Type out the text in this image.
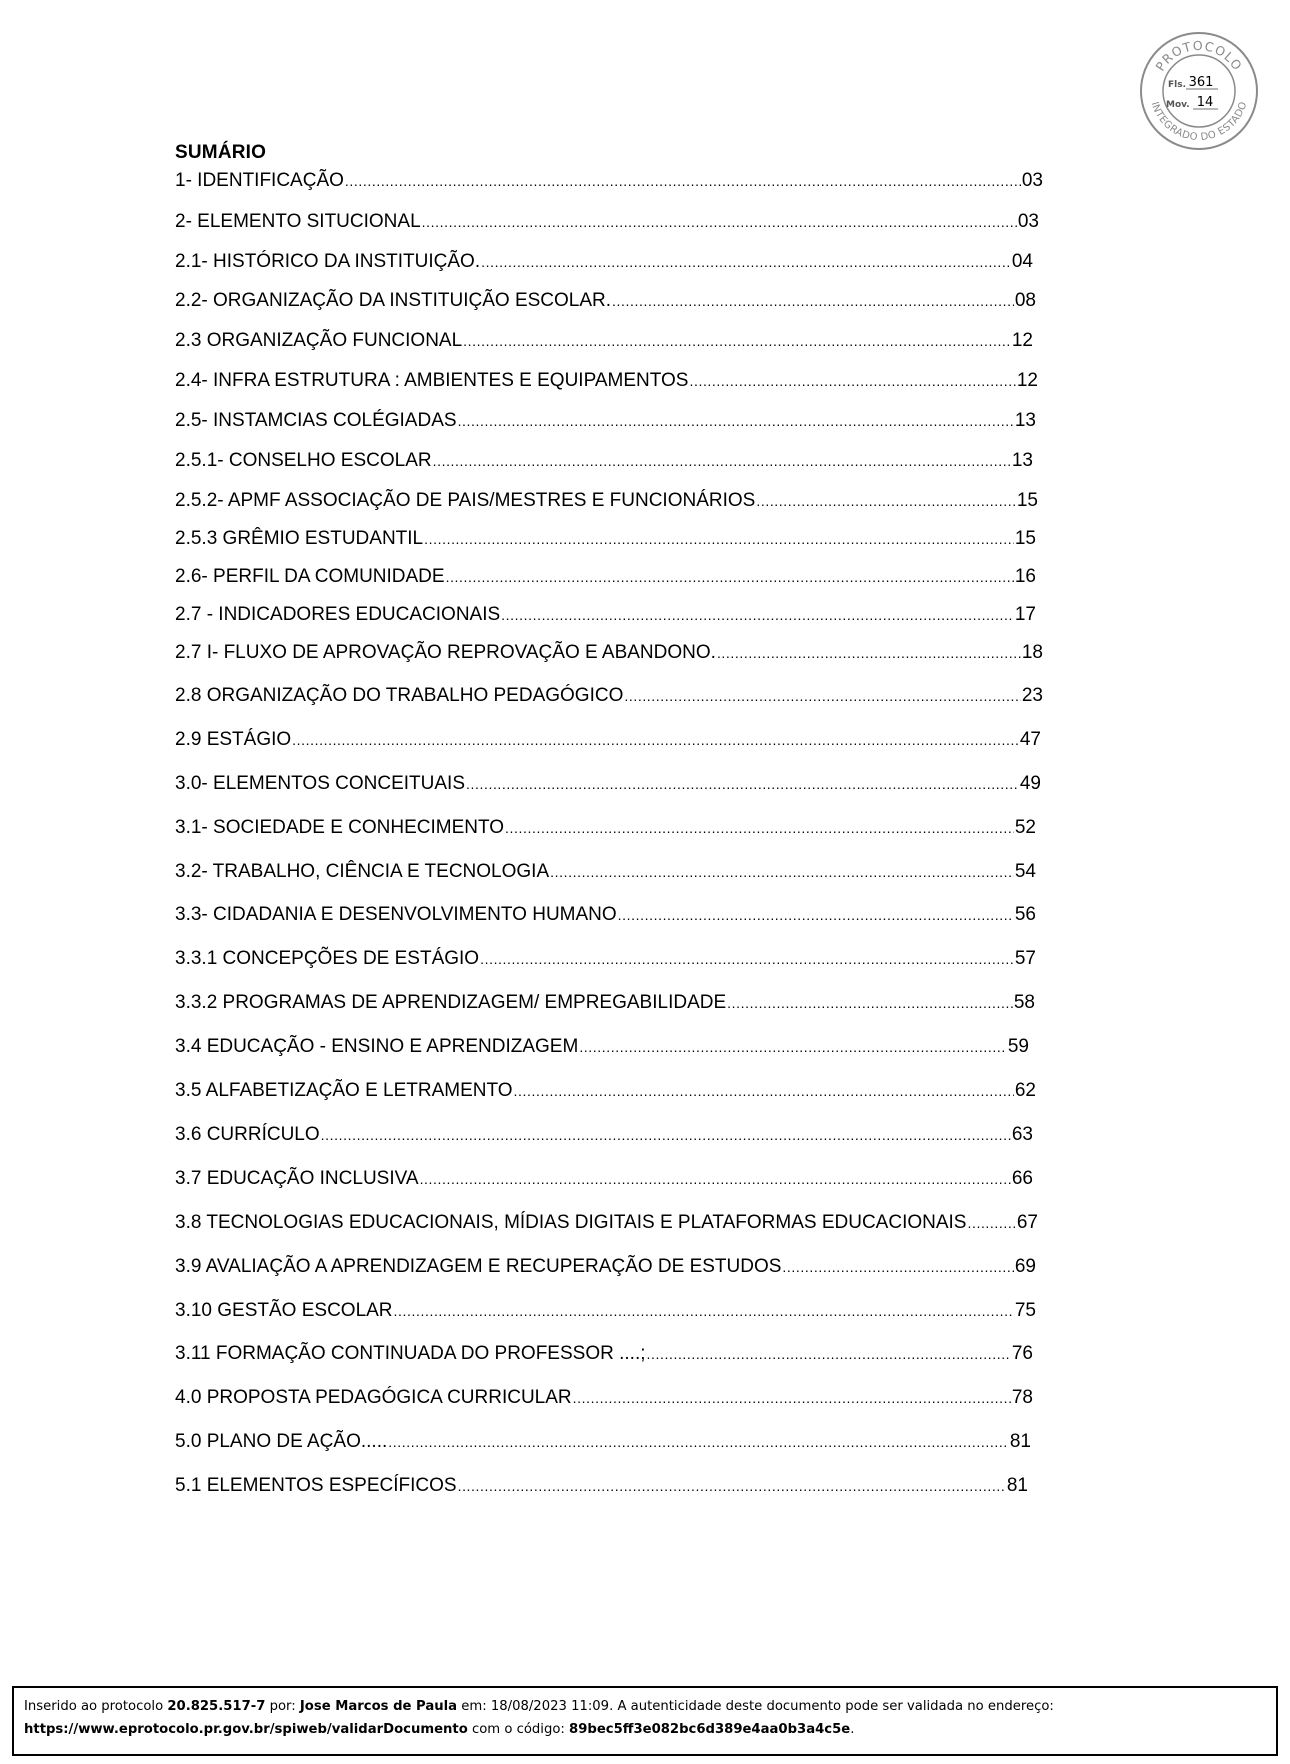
PROTOCOLO
INTEGRADO DO ESTADO
Fls. 361
Mov. 14
SUMÁRIO
1- IDENTIFICAÇÃO .....	03
2- ELEMENTO SITUCIONAL .....	03
2.1- HISTÓRICO DA INSTITUIÇÃO. .....	04
2.2- ORGANIZAÇÃO DA INSTITUIÇÃO ESCOLAR. .....	08
2.3 ORGANIZAÇÃO FUNCIONAL .....	12
2.4- INFRA ESTRUTURA : AMBIENTES E EQUIPAMENTOS .....	12
2.5- INSTAMCIAS COLÉGIADAS .....	13
2.5.1- CONSELHO ESCOLAR .....	13
2.5.2- APMF ASSOCIAÇÃO DE PAIS/MESTRES E FUNCIONÁRIOS .....	15
2.5.3 GRÊMIO ESTUDANTIL .....	15
2.6- PERFIL DA COMUNIDADE .....	16
2.7 - INDICADORES EDUCACIONAIS .....	17
2.7 I- FLUXO DE APROVAÇÃO REPROVAÇÃO E ABANDONO. .....	18
2.8 ORGANIZAÇÃO DO TRABALHO PEDAGÓGICO .....	23
2.9 ESTÁGIO .....	47
3.0- ELEMENTOS CONCEITUAIS .....	49
3.1- SOCIEDADE E CONHECIMENTO .....	52
3.2- TRABALHO, CIÊNCIA E TECNOLOGIA .....	54
3.3- CIDADANIA E DESENVOLVIMENTO HUMANO .....	56
3.3.1 CONCEPÇÕES DE ESTÁGIO .....	57
3.3.2 PROGRAMAS DE APRENDIZAGEM/ EMPREGABILIDADE .....	58
3.4 EDUCAÇÃO - ENSINO E APRENDIZAGEM .....	59
3.5 ALFABETIZAÇÃO E LETRAMENTO .....	62
3.6 CURRÍCULO .....	63
3.7 EDUCAÇÃO INCLUSIVA .....	66
3.8 TECNOLOGIAS EDUCACIONAIS, MÍDIAS DIGITAIS E PLATAFORMAS EDUCACIONAIS .....	67
3.9 AVALIAÇÃO A APRENDIZAGEM E RECUPERAÇÃO DE ESTUDOS .....	69
3.10 GESTÃO ESCOLAR .....	75
3.11 FORMAÇÃO CONTINUADA DO PROFESSOR ....; .....	76
4.0 PROPOSTA PEDAGÓGICA CURRICULAR .....	78
5.0 PLANO DE AÇÃO..... .....	81
5.1 ELEMENTOS ESPECÍFICOS .....	81
Inserido ao protocolo 20.825.517-7 por: Jose Marcos de Paula em: 18/08/2023 11:09. A autenticidade deste documento pode ser validada no endereço:
https://www.eprotocolo.pr.gov.br/spiweb/validarDocumento com o código: 89bec5ff3e082bc6d389e4aa0b3a4c5e.
